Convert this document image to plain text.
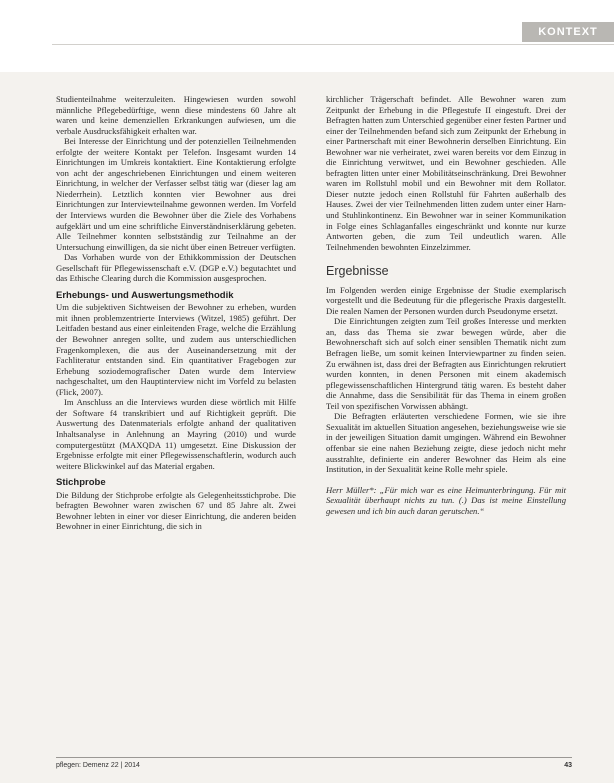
KONTEXT

Studienteilnahme weiterzuleiten. Hingewiesen wurden sowohl männliche Pflegebedürftige, wenn diese mindestens 60 Jahre alt waren und keine demenziellen Erkrankungen aufwiesen, um die verbale Ausdrucksfähigkeit erhalten war.

Bei Interesse der Einrichtung und der potenziellen Teilnehmenden erfolgte der weitere Kontakt per Telefon. Insgesamt wurden 14 Einrichtungen im Umkreis kontaktiert. Eine Kontaktierung erfolgte von acht der angeschriebenen Einrichtungen und einem weiteren Einrichtung, in welcher der Verfasser selbst tätig war (dieser lag am Niederrhein). Letztlich konnten vier Bewohner aus drei Einrichtungen zur Interviewteilnahme gewonnen werden. Im Vorfeld der Interviews wurden die Bewohner über die Ziele des Vorhabens aufgeklärt und um eine schriftliche Einverständniserklärung gebeten. Alle Teilnehmer konnten selbstständig zur Teilnahme an der Untersuchung einwilligen, da sie nicht über einen Betreuer verfügten.

Das Vorhaben wurde von der Ethikkommission der Deutschen Gesellschaft für Pflegewissenschaft e.V. (DGP e.V.) begutachtet und das Ethische Clearing durch die Kommission ausgesprochen.

Erhebungs- und Auswertungsmethodik

Um die subjektiven Sichtweisen der Bewohner zu erheben, wurden mit ihnen problemzentrierte Interviews (Witzel, 1985) geführt. Der Leitfaden bestand aus einer einleitenden Frage, welche die Erzählung der Bewohner anregen sollte, und zudem aus unterschiedlichen Fragenkomplexen, die aus der Auseinandersetzung mit der Fachliteratur entstanden sind. Ein quantitativer Fragebogen zur Erhebung soziodemografischer Daten wurde dem Interview nachgeschaltet, um den Hauptinterview nicht im Vorfeld zu belasten (Flick, 2007).

Im Anschluss an die Interviews wurden diese wörtlich mit Hilfe der Software f4 transkribiert und auf Richtigkeit geprüft. Die Auswertung des Datenmaterials erfolgte anhand der qualitativen Inhaltsanalyse in Anlehnung an Mayring (2010) und wurde computergestützt (MAXQDA 11) umgesetzt. Eine Diskussion der Ergebnisse erfolgte mit einer Pflegewissenschaftlerin, wodurch auch weitere Blickwinkel auf das Material ergaben.

Stichprobe

Die Bildung der Stichprobe erfolgte als Gelegenheitsstichprobe. Die befragten Bewohner waren zwischen 67 und 85 Jahre alt. Zwei Bewohner lebten in einer vor dieser Einrichtung, die anderen beiden Bewohner in einer Einrichtung, die sich in

kirchlicher Trägerschaft befindet. Alle Bewohner waren zum Zeitpunkt der Erhebung in die Pflegestufe II eingestuft. Drei der Befragten hatten zum Unterschied gegenüber einer festen Partner und einer der Teilnehmenden befand sich zum Zeitpunkt der Erhebung in einer Partnerschaft mit einer Bewohnerin derselben Einrichtung. Ein Bewohner war nie verheiratet, zwei waren bereits vor dem Einzug in die Einrichtung verwitwet, und ein Bewohner geschieden. Alle befragten litten unter einer Mobilitätseinschränkung. Drei Bewohner waren im Rollstuhl mobil und ein Bewohner mit dem Rollator. Dieser nutzte jedoch einen Rollstuhl für Fahrten außerhalb des Hauses. Zwei der vier Teilnehmenden litten zudem unter einer Harn- und Stuhlinkontinenz. Ein Bewohner war in seiner Kommunikation in Folge eines Schlaganfalles eingeschränkt und konnte nur kurze Antworten geben, die zum Teil undeutlich waren. Alle Teilnehmenden bewohnten Einzelzimmer.

Ergebnisse

Im Folgenden werden einige Ergebnisse der Studie exemplarisch vorgestellt und die Bedeutung für die pflegerische Praxis dargestellt. Die realen Namen der Personen wurden durch Pseudonyme ersetzt.

Die Einrichtungen zeigten zum Teil großes Interesse und merkten an, dass das Thema sie zwar bewegen würde, aber die Bewohnerschaft sich auf solch einer sensiblen Thematik nicht zum Befragen lieBe, um somit keinen Interviewpartner zu finden seien. Zu erwähnen ist, dass drei der Befragten aus Einrichtungen rekrutiert wurden konnten, in denen Personen mit einem akademisch pflegewissenschaftlichen Hintergrund tätig waren. Es besteht daher die Annahme, dass die Sensibilität für das Thema in einem großen Teil von spezifischen Vorwissen abhängt.

Die Befragten erläuterten verschiedene Formen, wie sie ihre Sexualität im aktuellen Situation angesehen, beziehungsweise wie sie in der jeweiligen Situation damit umgingen. Während ein Bewohner offenbar sie eine nahen Beziehung zeigte, diese jedoch nicht mehr ausstrahlte, definierte ein anderer Bewohner das Heim als eine Institution, in der Sexualität keine Rolle mehr spiele.

Herr Müller*: „Für mich war es eine Heimunterbringung. Für mit Sexualität überhaupt nichts zu tun. (.) Das ist meine Einstellung gewesen und ich bin auch daran gerutschen.“

pflegen: Demenz 22 | 2014	43
